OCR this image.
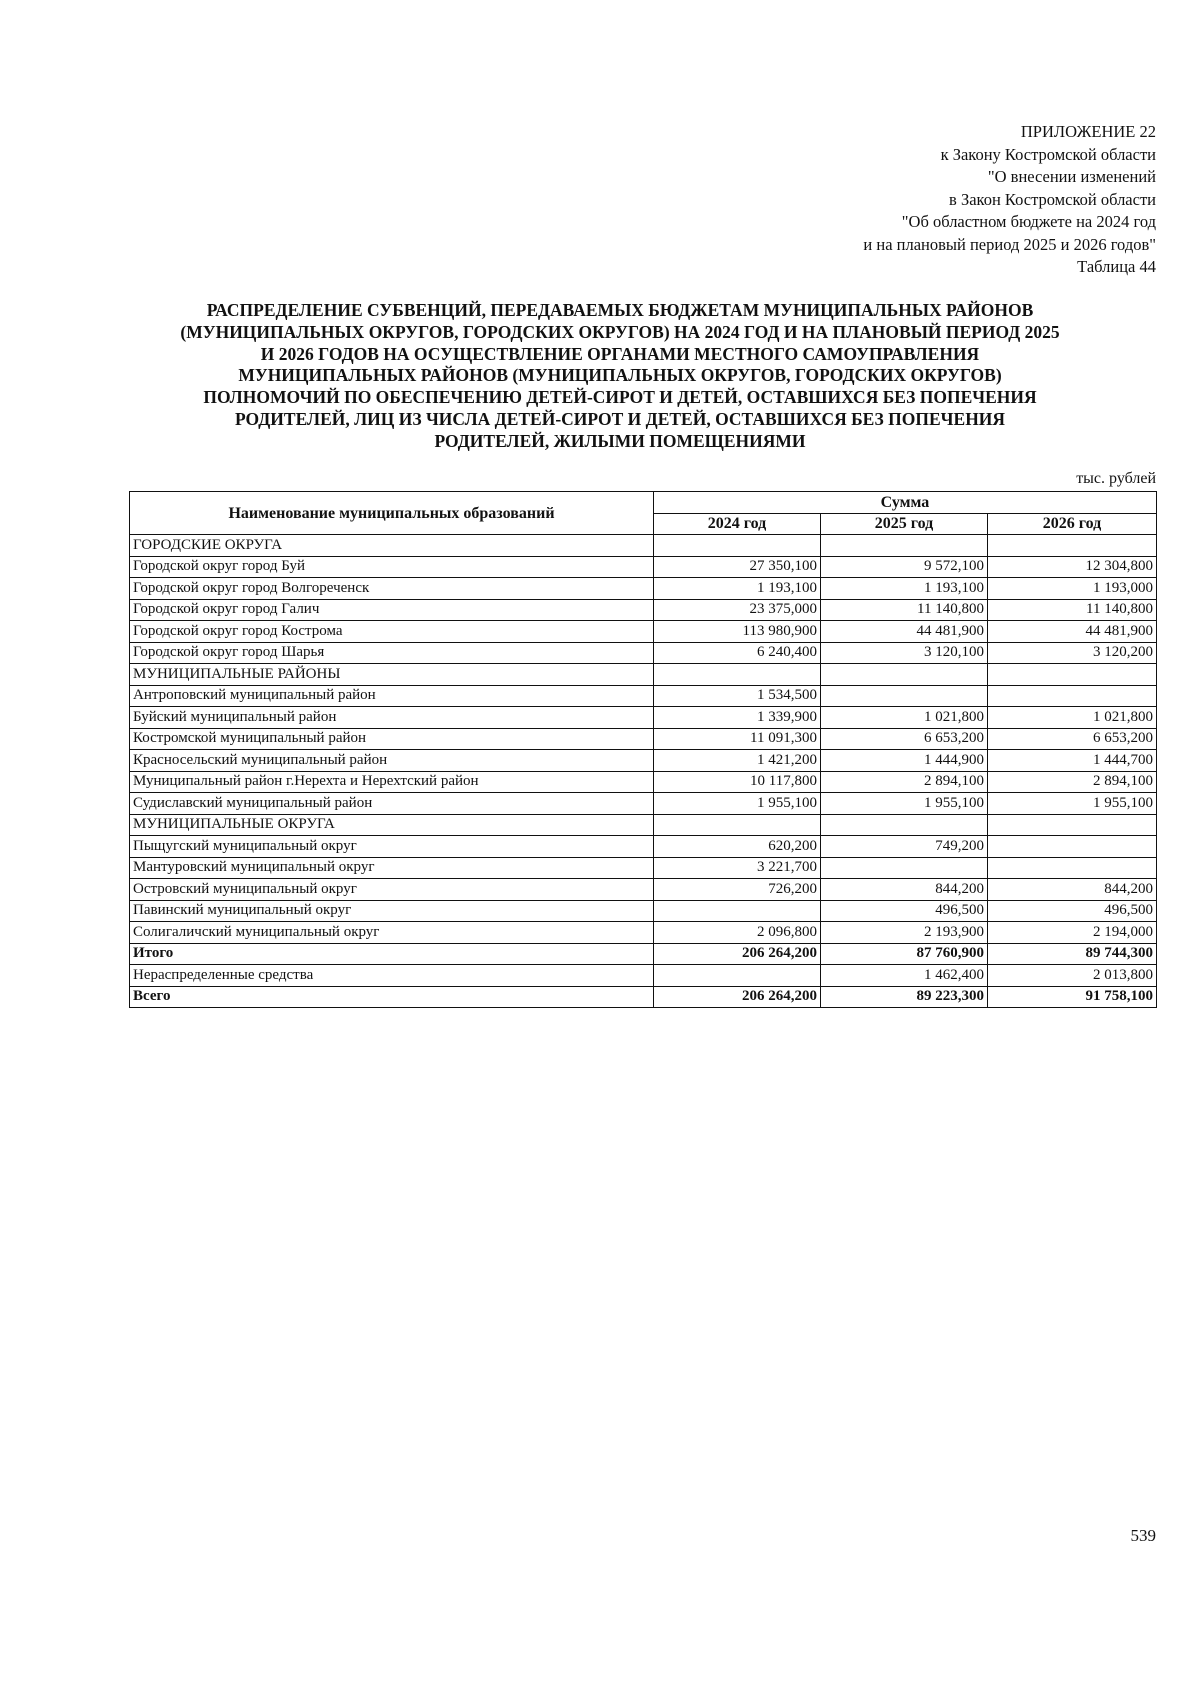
ПРИЛОЖЕНИЕ 22
к Закону Костромской области
"О внесении изменений
в Закон Костромской области
"Об областном бюджете на 2024 год
и на плановый период 2025 и 2026 годов"
Таблица 44
РАСПРЕДЕЛЕНИЕ СУБВЕНЦИЙ, ПЕРЕДАВАЕМЫХ БЮДЖЕТАМ МУНИЦИПАЛЬНЫХ РАЙОНОВ
(МУНИЦИПАЛЬНЫХ ОКРУГОВ, ГОРОДСКИХ ОКРУГОВ) НА 2024 ГОД И НА ПЛАНОВЫЙ ПЕРИОД 2025
И 2026 ГОДОВ НА ОСУЩЕСТВЛЕНИЕ ОРГАНАМИ МЕСТНОГО САМОУПРАВЛЕНИЯ
МУНИЦИПАЛЬНЫХ РАЙОНОВ (МУНИЦИПАЛЬНЫХ ОКРУГОВ, ГОРОДСКИХ ОКРУГОВ)
ПОЛНОМОЧИЙ ПО ОБЕСПЕЧЕНИЮ ДЕТЕЙ-СИРОТ И ДЕТЕЙ, ОСТАВШИХСЯ БЕЗ ПОПЕЧЕНИЯ
РОДИТЕЛЕЙ, ЛИЦ ИЗ ЧИСЛА ДЕТЕЙ-СИРОТ И ДЕТЕЙ, ОСТАВШИХСЯ БЕЗ ПОПЕЧЕНИЯ
РОДИТЕЛЕЙ, ЖИЛЫМИ ПОМЕЩЕНИЯМИ
тыс. рублей
Наименование муниципальных образований	Сумма		
	2024 год	2025 год	2026 год
ГОРОДСКИЕ ОКРУГА			
Городской округ город Буй	27 350,100	9 572,100	12 304,800
Городской округ город Волгореченск	1 193,100	1 193,100	1 193,000
Городской округ город Галич	23 375,000	11 140,800	11 140,800
Городской округ город Кострома	113 980,900	44 481,900	44 481,900
Городской округ город Шарья	6 240,400	3 120,100	3 120,200
МУНИЦИПАЛЬНЫЕ РАЙОНЫ			
Антроповский муниципальный район	1 534,500		
Буйский муниципальный район	1 339,900	1 021,800	1 021,800
Костромской муниципальный район	11 091,300	6 653,200	6 653,200
Красносельский муниципальный район	1 421,200	1 444,900	1 444,700
Муниципальный район г.Нерехта и Нерехтский район	10 117,800	2 894,100	2 894,100
Судиславский муниципальный район	1 955,100	1 955,100	1 955,100
МУНИЦИПАЛЬНЫЕ ОКРУГА			
Пыщугский муниципальный округ	620,200	749,200	
Мантуровский муниципальный округ	3 221,700		
Островский муниципальный округ	726,200	844,200	844,200
Павинский муниципальный округ		496,500	496,500
Солигаличский муниципальный округ	2 096,800	2 193,900	2 194,000
Итого	206 264,200	87 760,900	89 744,300
Нераспределенные средства		1 462,400	2 013,800
Всего	206 264,200	89 223,300	91 758,100
539
